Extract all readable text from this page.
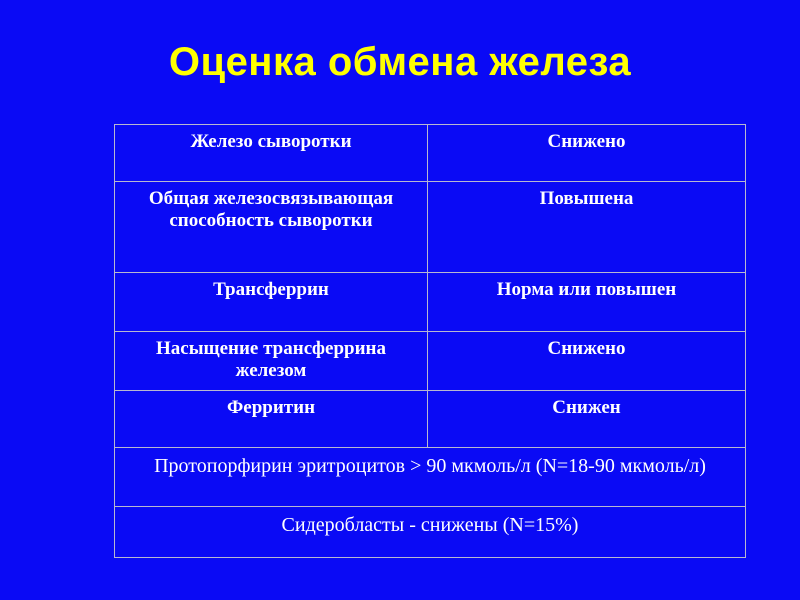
Оценка обмена железа
Железо сыворотки	Снижено
Общая железосвязывающая способность сыворотки	Повышена
Трансферрин	Норма или повышен
Насыщение трансферрина железом	Снижено
Ферритин	Снижен
Протопорфирин эритроцитов > 90 мкмоль/л (N=18-90 мкмоль/л)	
Сидеробласты - снижены (N=15%)	
